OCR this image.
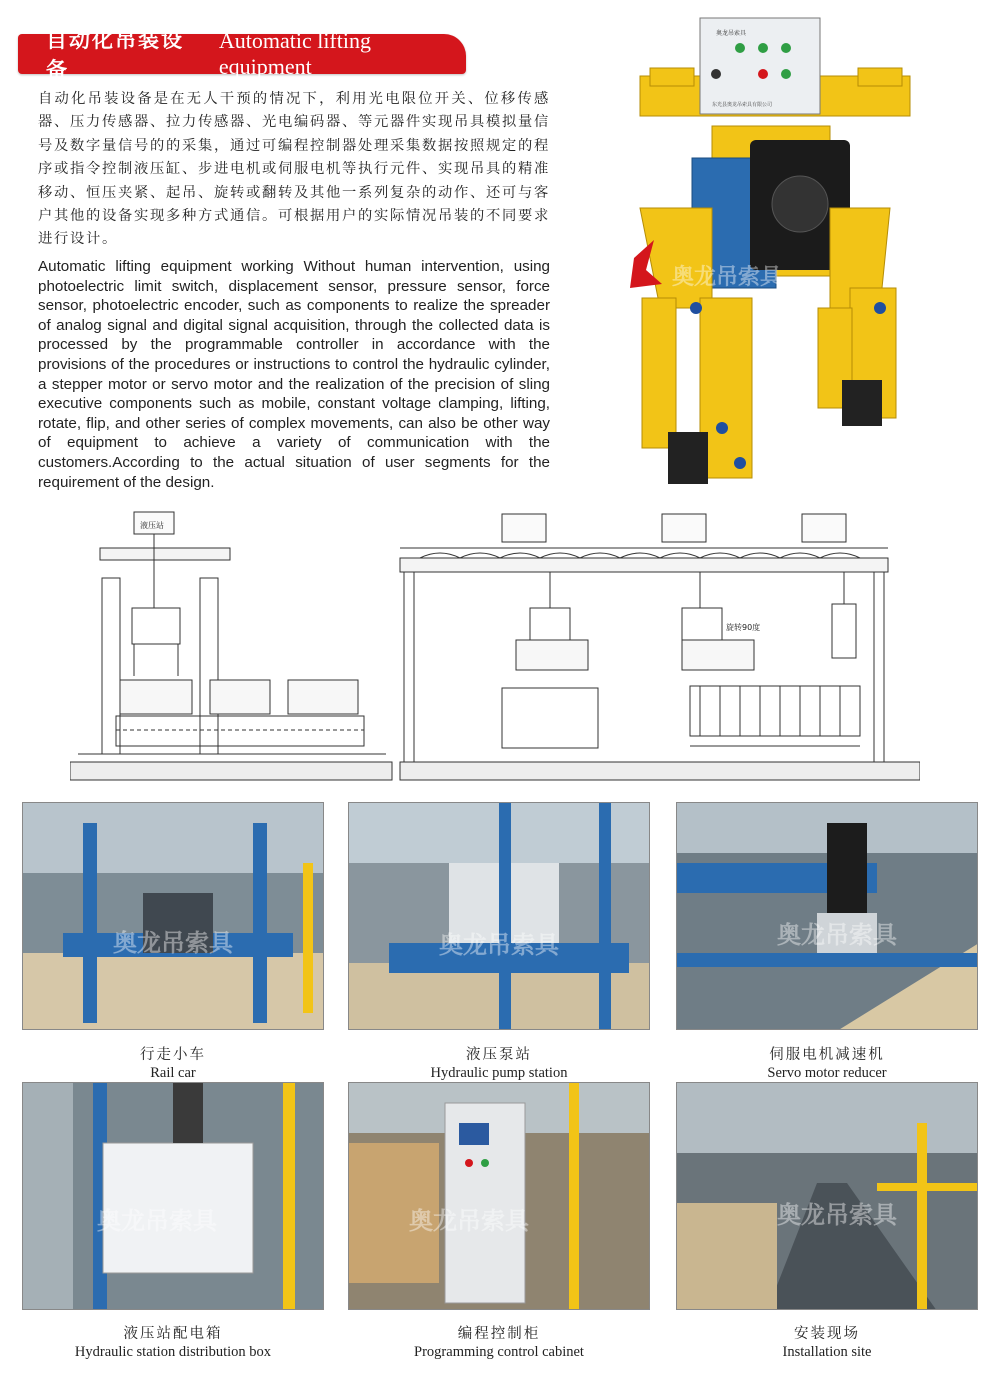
自动化吊装设备
Automatic lifting equipment

自动化吊装设备是在无人干预的情况下，利用光电限位开关、位移传感器、压力传感器、拉力传感器、光电编码器、等元器件实现吊具模拟量信号及数字量信号的的采集，通过可编程控制器处理采集数据按照规定的程序或指令控制液压缸、步进电机或伺服电机等执行元件、实现吊具的精准移动、恒压夹紧、起吊、旋转或翻转及其他一系列复杂的动作、还可与客户其他的设备实现多种方式通信。可根据用户的实际情况吊装的不同要求进行设计。

Automatic lifting equipment working Without human intervention, using photoelectric limit switch, displacement sensor, pressure sensor, force sensor, photoelectric encoder, such as components to realize the spreader of analog signal and digital signal acquisition, through the collected data is processed by the programmable controller in accordance with the provisions of the procedures or instructions to control the hydraulic cylinder, a stepper motor or servo motor and the realization of the precision of sling executive components such as mobile, constant voltage clamping, lifting, rotate, flip, and other series of complex movements, can also be other way of equipment to achieve a variety of communication with the customers.According to the actual situation of user segments for the requirement of the design.

奥龙吊索具
东光县奥龙吊索具有限公司
奥龙吊索具
液压站
旋转90度
奥龙吊索具
行走小车
Rail car
奥龙吊索具
液压泵站
Hydraulic pump station
奥龙吊索具
伺服电机减速机
Servo motor reducer
奥龙吊索具
液压站配电箱
Hydraulic station distribution box
奥龙吊索具
编程控制柜
Programming control cabinet
奥龙吊索具
安装现场
Installation site
